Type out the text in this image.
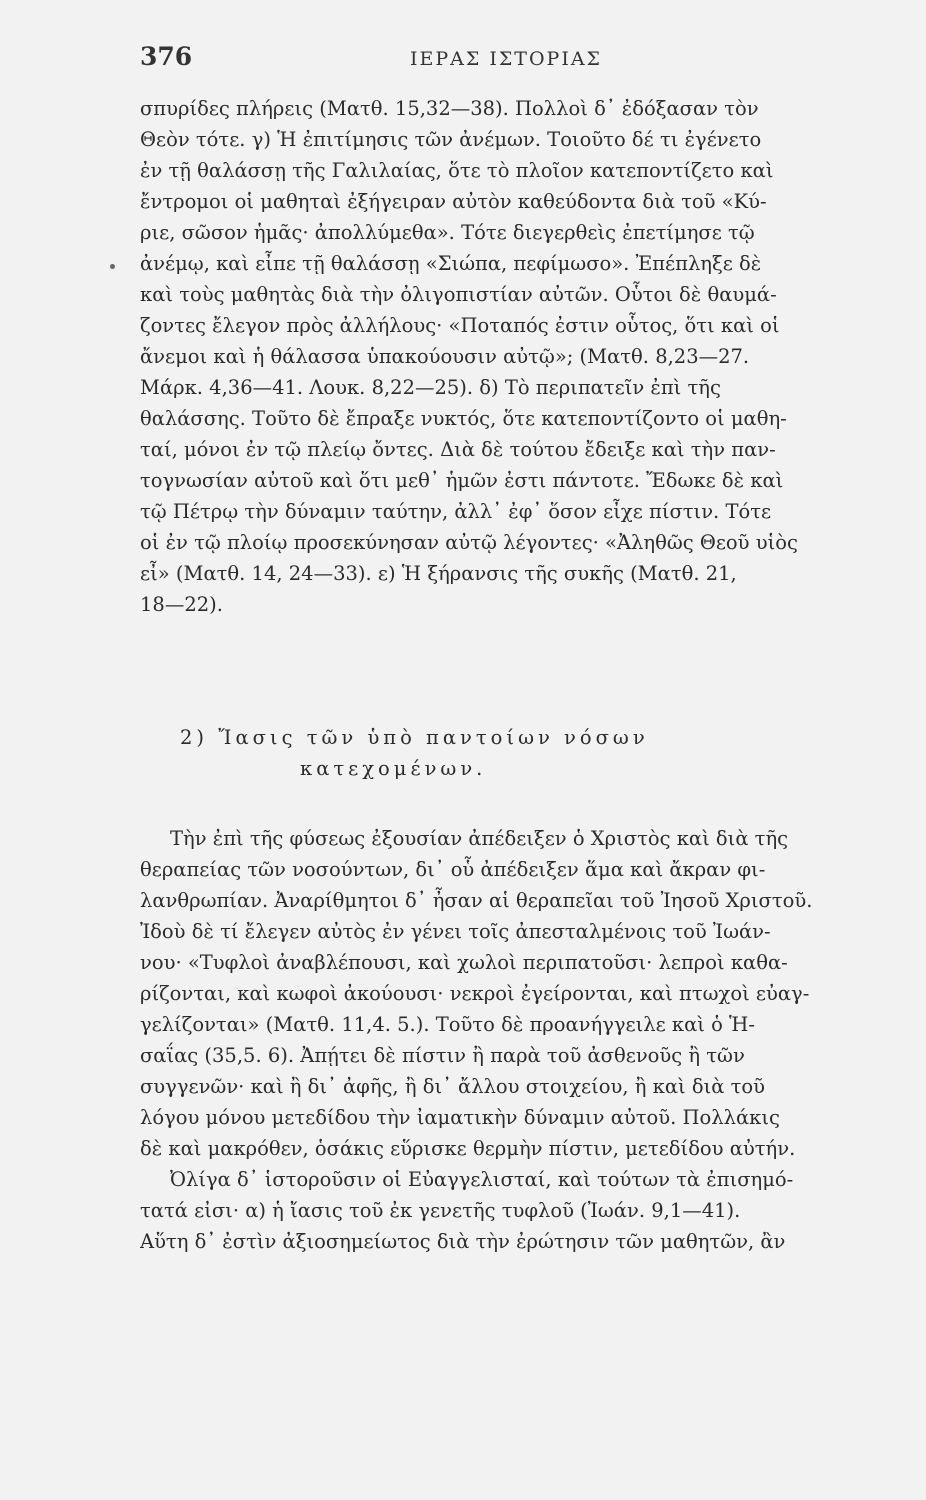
376	ΙΕΡΑΣ ΙΣΤΟΡΙΑΣ
σπυρίδες πλήρεις (Ματθ. 15,32—38). Πολλοὶ δ᾽ ἐδόξασαν τὸν
Θεὸν τότε. γ) Ἡ ἐπιτίμησις τῶν ἀνέμων. Τοιοῦτο δέ τι ἐγένετο
ἐν τῇ θαλάσσῃ τῆς Γαλιλαίας, ὅτε τὸ πλοῖον κατεποντίζετο καὶ
ἔντρομοι οἱ μαθηταὶ ἐξήγειραν αὐτὸν καθεύδοντα διὰ τοῦ «Κύ-
ριε, σῶσον ἡμᾶς· ἀπολλύμεθα». Τότε διεγερθεὶς ἐπετίμησε τῷ
ἀνέμῳ, καὶ εἶπε τῇ θαλάσσῃ «Σιώπα, πεφίμωσο». Ἐπέπληξε δὲ
καὶ τοὺς μαθητὰς διὰ τὴν ὀλιγοπιστίαν αὐτῶν. Οὗτοι δὲ θαυμά-
ζοντες ἔλεγον πρὸς ἀλλήλους· «Ποταπός ἐστιν οὗτος, ὅτι καὶ οἱ
ἄνεμοι καὶ ἡ θάλασσα ὑπακούουσιν αὐτῷ»; (Ματθ. 8,23—27.
Μάρκ. 4,36—41. Λουκ. 8,22—25). δ) Τὸ περιπατεῖν ἐπὶ τῆς
θαλάσσης. Τοῦτο δὲ ἔπραξε νυκτός, ὅτε κατεποντίζοντο οἱ μαθη-
ταί, μόνοι ἐν τῷ πλείῳ ὄντες. Διὰ δὲ τούτου ἔδειξε καὶ τὴν παν-
τογνωσίαν αὐτοῦ καὶ ὅτι μεθ᾽ ἡμῶν ἐστι πάντοτε. Ἔδωκε δὲ καὶ
τῷ Πέτρῳ τὴν δύναμιν ταύτην, ἀλλ᾽ ἐφ᾽ ὅσον εἶχε πίστιν. Τότε
οἱ ἐν τῷ πλοίῳ προσεκύνησαν αὐτῷ λέγοντες· «Ἀληθῶς Θεοῦ υἱὸς
εἶ» (Ματθ. 14, 24—33). ε) Ἡ ξήρανσις τῆς συκῆς (Ματθ. 21,
18—22).
2) Ἴασις τῶν ὑπὸ παντοίων νόσων
κατεχομένων.
Τὴν ἐπὶ τῆς φύσεως ἐξουσίαν ἀπέδειξεν ὁ Χριστὸς καὶ διὰ τῆς
θεραπείας τῶν νοσούντων, δι᾽ οὗ ἀπέδειξεν ἅμα καὶ ἄκραν φι-
λανθρωπίαν. Ἀναρίθμητοι δ᾽ ἦσαν αἱ θεραπεῖαι τοῦ Ἰησοῦ Χριστοῦ.
Ἰδοὺ δὲ τί ἔλεγεν αὐτὸς ἐν γένει τοῖς ἀπεσταλμένοις τοῦ Ἰωάν-
νου· «Τυφλοὶ ἀναβλέπουσι, καὶ χωλοὶ περιπατοῦσι· λεπροὶ καθα-
ρίζονται, καὶ κωφοὶ ἀκούουσι· νεκροὶ ἐγείρονται, καὶ πτωχοὶ εὐαγ-
γελίζονται» (Ματθ. 11,4. 5.). Τοῦτο δὲ προανήγγειλε καὶ ὁ Ἡ-
σαΐας (35,5. 6). Ἀπῄτει δὲ πίστιν ἢ παρὰ τοῦ ἀσθενοῦς ἢ τῶν
συγγενῶν· καὶ ἢ δι᾽ ἀφῆς, ἢ δι᾽ ἄλλου στοιχείου, ἢ καὶ διὰ τοῦ
λόγου μόνου μετεδίδου τὴν ἰαματικὴν δύναμιν αὐτοῦ. Πολλάκις
δὲ καὶ μακρόθεν, ὁσάκις εὕρισκε θερμὴν πίστιν, μετεδίδου αὐτήν.
Ὀλίγα δ᾽ ἱστοροῦσιν οἱ Εὐαγγελισταί, καὶ τούτων τὰ ἐπισημό-
τατά εἰσι· α) ἡ ἴασις τοῦ ἐκ γενετῆς τυφλοῦ (Ἰωάν. 9,1—41).
Αὕτη δ᾽ ἐστὶν ἀξιοσημείωτος διὰ τὴν ἐρώτησιν τῶν μαθητῶν, ἂν
